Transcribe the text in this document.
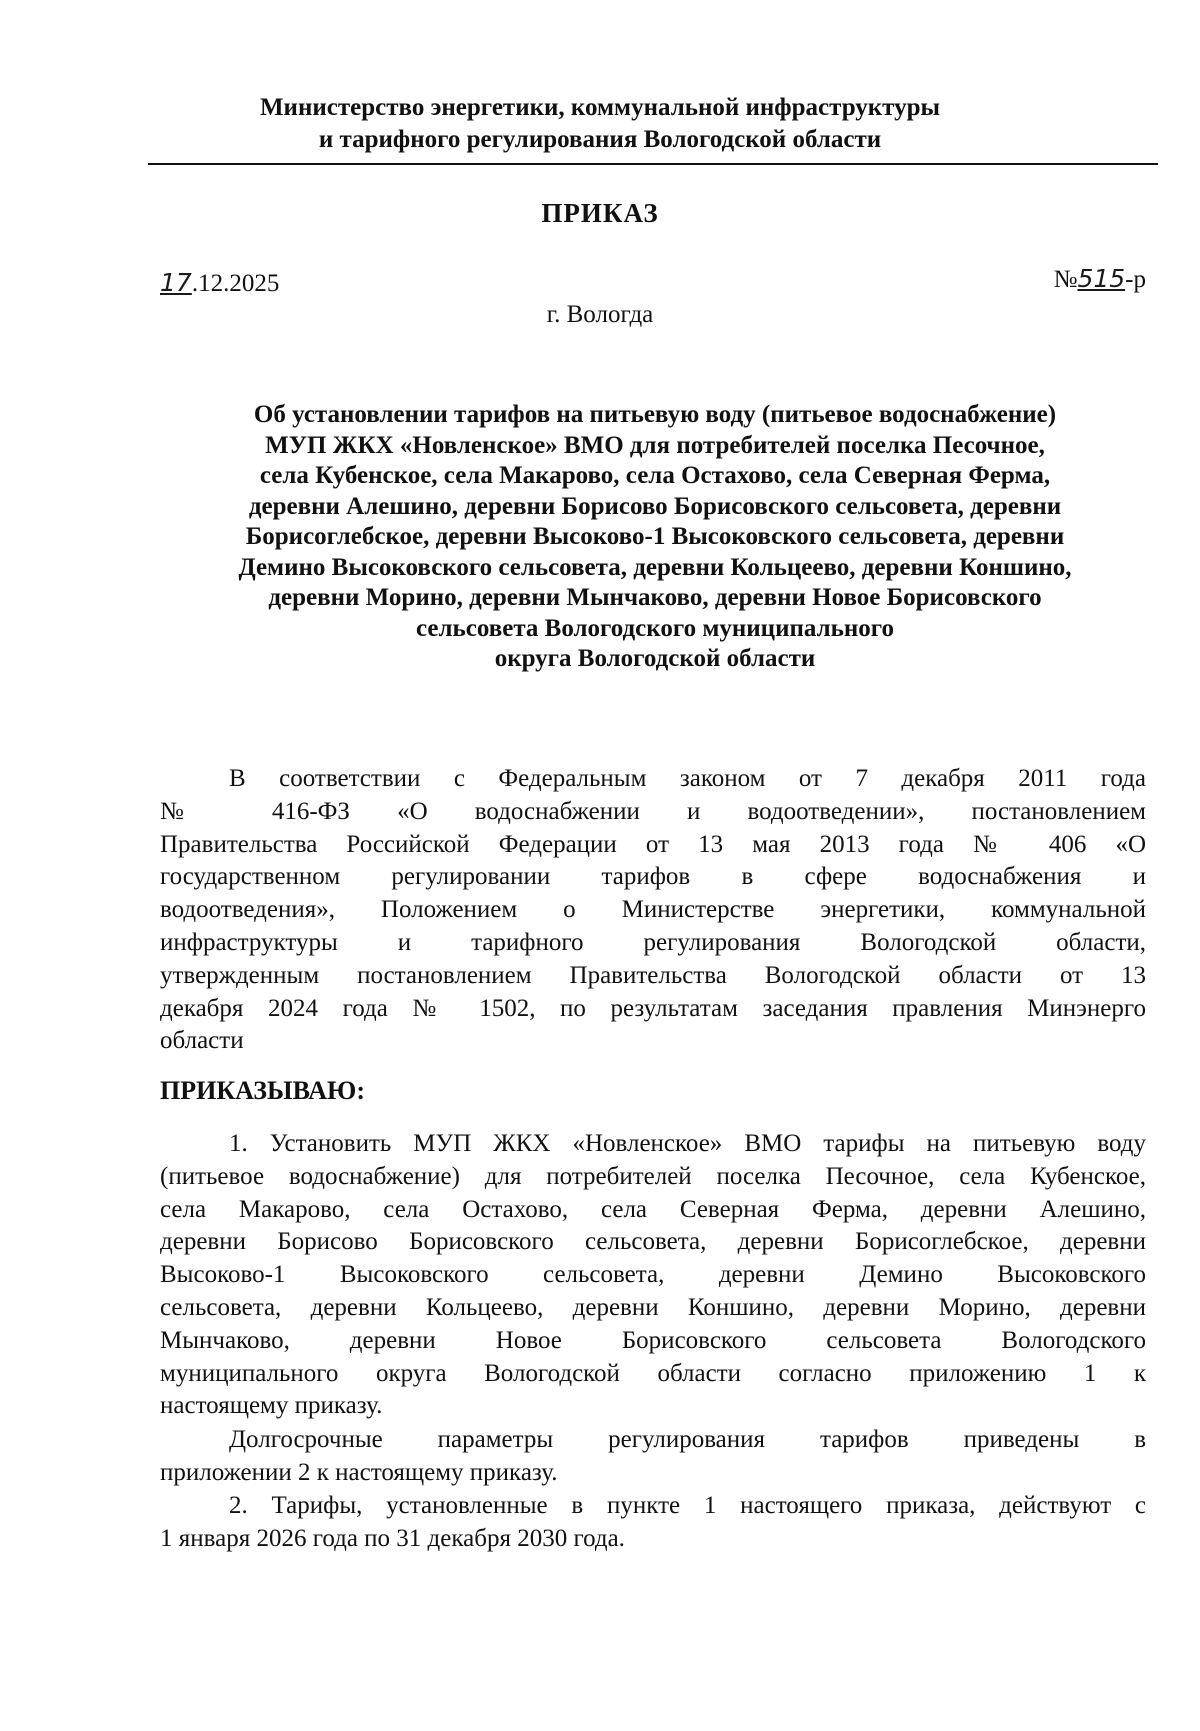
Министерство энергетики, коммунальной инфраструктуры
и тарифного регулирования Вологодской области
ПРИКАЗ
17.12.2025	№515-р
г. Вологда
Об установлении тарифов на питьевую воду (питьевое водоснабжение)
МУП ЖКХ «Новленское» ВМО для потребителей поселка Песочное,
села Кубенское, села Макарово, села Остахово, села Северная Ферма,
деревни Алешино, деревни Борисово Борисовского сельсовета, деревни
Борисоглебское, деревни Высоково-1 Высоковского сельсовета, деревни
Демино Высоковского сельсовета, деревни Кольцеево, деревни Коншино,
деревни Морино, деревни Мынчаково, деревни Новое Борисовского
сельсовета Вологодского муниципального
округа Вологодской области
В соответствии с Федеральным законом от 7 декабря 2011 года
№ 416-ФЗ «О водоснабжении и водоотведении», постановлением
Правительства Российской Федерации от 13 мая 2013 года № 406 «О
государственном регулировании тарифов в сфере водоснабжения и
водоотведения», Положением о Министерстве энергетики, коммунальной
инфраструктуры и тарифного регулирования Вологодской области,
утвержденным постановлением Правительства Вологодской области от 13
декабря 2024 года № 1502, по результатам заседания правления Минэнерго
области
ПРИКАЗЫВАЮ:
1. Установить МУП ЖКХ «Новленское» ВМО тарифы на питьевую воду
(питьевое водоснабжение) для потребителей поселка Песочное, села Кубенское,
села Макарово, села Остахово, села Северная Ферма, деревни Алешино,
деревни Борисово Борисовского сельсовета, деревни Борисоглебское, деревни
Высоково-1 Высоковского сельсовета, деревни Демино Высоковского
сельсовета, деревни Кольцеево, деревни Коншино, деревни Морино, деревни
Мынчаково, деревни Новое Борисовского сельсовета Вологодского
муниципального округа Вологодской области согласно приложению 1 к
настоящему приказу.
Долгосрочные параметры регулирования тарифов приведены в
приложении 2 к настоящему приказу.
2. Тарифы, установленные в пункте 1 настоящего приказа, действуют с
1 января 2026 года по 31 декабря 2030 года.
